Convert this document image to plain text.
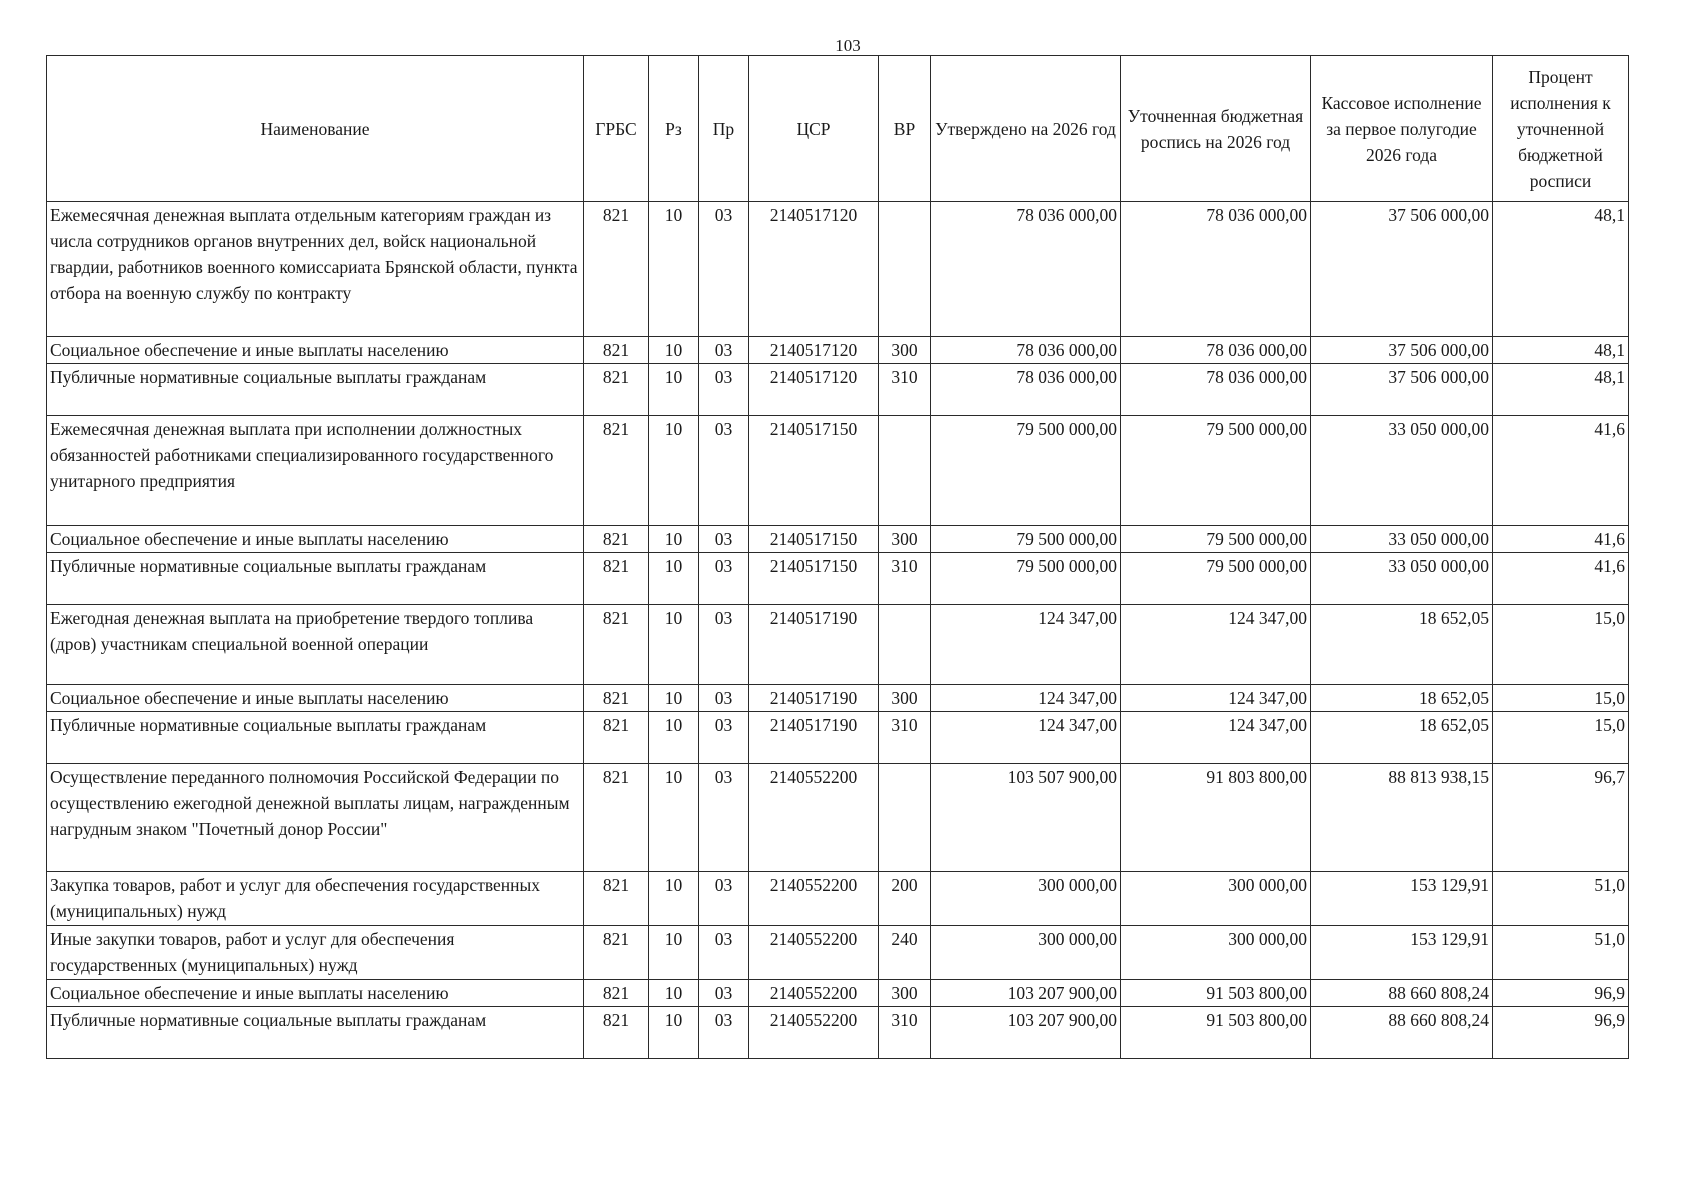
103
Наименование	ГРБС	Рз	Пр	ЦСР	ВР	Утверждено на 2026 год	Уточненная бюджетная роспись на 2026 год	Кассовое исполнение за первое полугодие 2026 года	Процент исполнения к уточненной бюджетной росписи
Ежемесячная денежная выплата отдельным категориям граждан из числа сотрудников органов внутренних дел, войск национальной гвардии, работников военного комиссариата Брянской области, пункта отбора на военную службу по контракту	821	10	03	2140517120		78 036 000,00	78 036 000,00	37 506 000,00	48,1
Социальное обеспечение и иные выплаты населению	821	10	03	2140517120	300	78 036 000,00	78 036 000,00	37 506 000,00	48,1
Публичные нормативные социальные выплаты гражданам	821	10	03	2140517120	310	78 036 000,00	78 036 000,00	37 506 000,00	48,1
Ежемесячная денежная выплата при исполнении должностных обязанностей работниками специализированного государственного унитарного предприятия	821	10	03	2140517150		79 500 000,00	79 500 000,00	33 050 000,00	41,6
Социальное обеспечение и иные выплаты населению	821	10	03	2140517150	300	79 500 000,00	79 500 000,00	33 050 000,00	41,6
Публичные нормативные социальные выплаты гражданам	821	10	03	2140517150	310	79 500 000,00	79 500 000,00	33 050 000,00	41,6
Ежегодная денежная выплата на приобретение твердого топлива (дров) участникам специальной военной операции	821	10	03	2140517190		124 347,00	124 347,00	18 652,05	15,0
Социальное обеспечение и иные выплаты населению	821	10	03	2140517190	300	124 347,00	124 347,00	18 652,05	15,0
Публичные нормативные социальные выплаты гражданам	821	10	03	2140517190	310	124 347,00	124 347,00	18 652,05	15,0
Осуществление переданного полномочия Российской Федерации по осуществлению ежегодной денежной выплаты лицам, награжденным нагрудным знаком "Почетный донор России"	821	10	03	2140552200		103 507 900,00	91 803 800,00	88 813 938,15	96,7
Закупка товаров, работ и услуг для обеспечения государственных (муниципальных) нужд	821	10	03	2140552200	200	300 000,00	300 000,00	153 129,91	51,0
Иные закупки товаров, работ и услуг для обеспечения государственных (муниципальных) нужд	821	10	03	2140552200	240	300 000,00	300 000,00	153 129,91	51,0
Социальное обеспечение и иные выплаты населению	821	10	03	2140552200	300	103 207 900,00	91 503 800,00	88 660 808,24	96,9
Публичные нормативные социальные выплаты гражданам	821	10	03	2140552200	310	103 207 900,00	91 503 800,00	88 660 808,24	96,9
